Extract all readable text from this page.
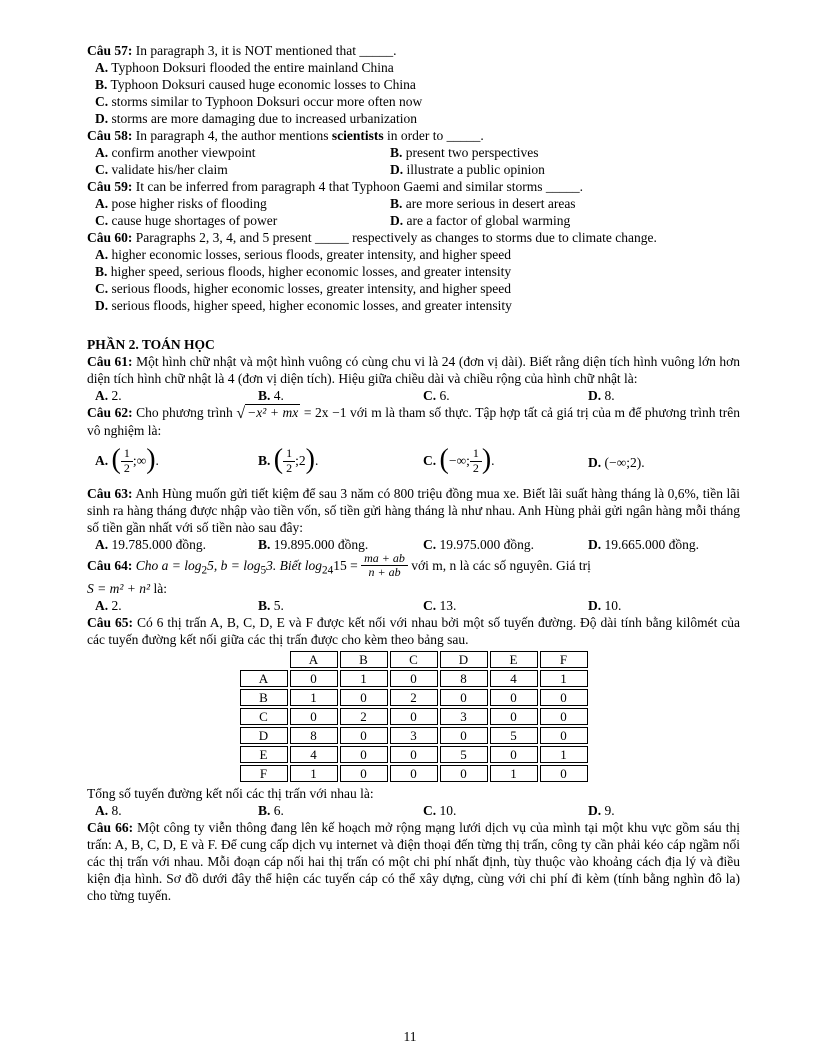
Câu 57: In paragraph 3, it is NOT mentioned that _____.

A. Typhoon Doksuri flooded the entire mainland China

B. Typhoon Doksuri caused huge economic losses to China

C. storms similar to Typhoon Doksuri occur more often now

D. storms are more damaging due to increased urbanization

Câu 58: In paragraph 4, the author mentions scientists in order to _____.

A. confirm another viewpoint	B. present two perspectives
C. validate his/her claim	D. illustrate a public opinion

Câu 59: It can be inferred from paragraph 4 that Typhoon Gaemi and similar storms _____.

A. pose higher risks of flooding	B. are more serious in desert areas
C. cause huge shortages of power	D. are a factor of global warming

Câu 60: Paragraphs 2, 3, 4, and 5 present _____ respectively as changes to storms due to climate change.

A. higher economic losses, serious floods, greater intensity, and higher speed

B. higher speed, serious floods, higher economic losses, and greater intensity

C. serious floods, higher economic losses, greater intensity, and higher speed

D. serious floods, higher speed, higher economic losses, and greater intensity

PHẦN 2. TOÁN HỌC

Câu 61: Một hình chữ nhật và một hình vuông có cùng chu vi là 24 (đơn vị dài). Biết rằng diện tích hình vuông lớn hơn diện tích hình chữ nhật là 4 (đơn vị diện tích). Hiệu giữa chiều dài và chiều rộng của hình chữ nhật là:

A. 2.	B. 4.	C. 6.	D. 8.

Câu 62: Cho phương trình √ −x² + mx = 2x −1 với m là tham số thực. Tập hợp tất cả giá trị của m để phương trình trên vô nghiệm là:

A. ( $\frac{1}{2}$ ;∞).	B. ( $\frac{1}{2}$ ;2).	C. (−∞; $\frac{1}{2}$ ).	D. (−∞;2).

Câu 63: Anh Hùng muốn gửi tiết kiệm để sau 3 năm có 800 triệu đồng mua xe. Biết lãi suất hàng tháng là 0,6%, tiền lãi sinh ra hàng tháng được nhập vào tiền vốn, số tiền gửi hàng tháng là như nhau. Anh Hùng phải gửi ngân hàng mỗi tháng số tiền gần nhất với số tiền nào sau đây:

A. 19.785.000 đồng.	B. 19.895.000 đồng.	C. 19.975.000 đồng.	D. 19.665.000 đồng.

Câu 64: Cho $a = \log_25$, $b = \log_53$. Biết $\log_{24}15 = \frac{ma + ab}{n + ab}$ với m, n là các số nguyên. Giá trị

S = m² + n² là:

A. 2.	B. 5.	C. 13.	D. 10.

Câu 65: Có 6 thị trấn A, B, C, D, E và F được kết nối với nhau bởi một số tuyến đường. Độ dài tính bằng kilômét của các tuyến đường kết nối giữa các thị trấn được cho kèm theo bảng sau.

	A	B	C	D	E	F
A	0	1	0	8	4	1
B	1	0	2	0	0	0
C	0	2	0	3	0	0
D	8	0	3	0	5	0
E	4	0	0	5	0	1
F	1	0	0	0	1	0

Tổng số tuyến đường kết nối các thị trấn với nhau là:

A. 8.	B. 6.	C. 10.	D. 9.

Câu 66: Một công ty viễn thông đang lên kế hoạch mở rộng mạng lưới dịch vụ của mình tại một khu vực gồm sáu thị trấn: A, B, C, D, E và F. Để cung cấp dịch vụ internet và điện thoại đến từng thị trấn, công ty cần phải kéo cáp ngầm nối các thị trấn với nhau. Mỗi đoạn cáp nối hai thị trấn có một chi phí nhất định, tùy thuộc vào khoảng cách địa lý và điều kiện địa hình. Sơ đồ dưới đây thể hiện các tuyến cáp có thể xây dựng, cùng với chi phí đi kèm (tính bằng nghìn đô la) cho từng tuyến.

11
